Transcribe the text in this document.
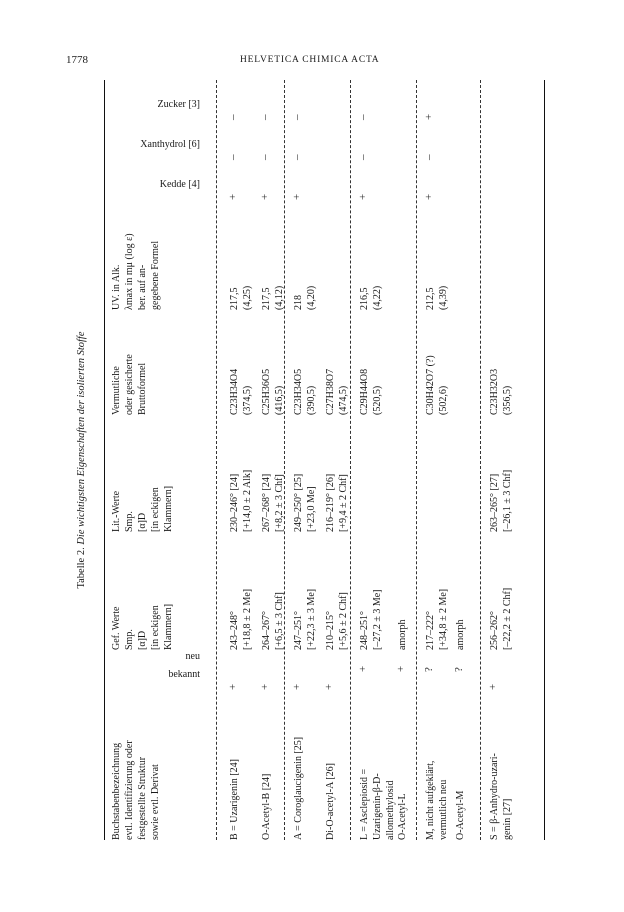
1778	HELVETICA CHIMICA ACTA
Tabelle 2. Die wichtigsten Eigenschaften der isolierten Stoffe
Buchstabenbezeichnung evtl. Identifizierung oder festgestellte Struktur sowie evtl. Derivat
Gef. Werte Smp. [α]D [in eckigen Klammern]
Lit.-Werte Smp. [α]D [in eckigen Klammern]
Vermutliche oder gesicherte Bruttoformel
UV. in Alk. λmax in mμ (log ε) ber. auf an- gegebene Formel
bekannt
neu
Kedde [4]
Xanthydrol [6]
Zucker [3]
B = Uzarigenin [24]
243–248° [+18,8 ± 2 Me]
230–246° [24] [+14,0 ± 2 Alk]
C23H34O4 (374,5)
217,5 (4,25)
+
+
–
–
O-Acetyl-B [24]
264–267° [+6,5 ± 3 Chf]
267–268° [24] [+8,2 ± 3 Chf]
C25H36O5 (416,5)
217,5 (4,12)
+
+
–
–
A = Coroglaucigenin [25]
247–251° [+22,3 ± 3 Me]
249–250° [25] [+23,0 Me]
C23H34O5 (390,5)
218 (4,20)
+
+
–
–
Di-O-acetyl-A [26]
210–215° [+5,6 ± 2 Chf]
216–219° [26] [+9,4 ± 2 Chf]
C27H38O7 (474,5)
+
L = Asclepiosid = Uzarigenin-β-D- allomethylosid
248–251° [–27,2 ± 3 Me]
C29H44O8 (520,5)
216,5 (4,22)
+
+
–
–
O-Acetyl-L
amorph
+
M, nicht aufgeklärt, vermutlich neu
217–222° [+34,8 ± 2 Me]
C30H42O7 (?) (502,6)
212,5 (4,39)
?
+
–
+
O-Acetyl-M
amorph
?
S = β-Anhydro-uzari- genin [27]
256–262° [–22,2 ± 2 Chf]
263–265° [27] [–26,1 ± 3 Chf]
C23H32O3 (356,5)
+
